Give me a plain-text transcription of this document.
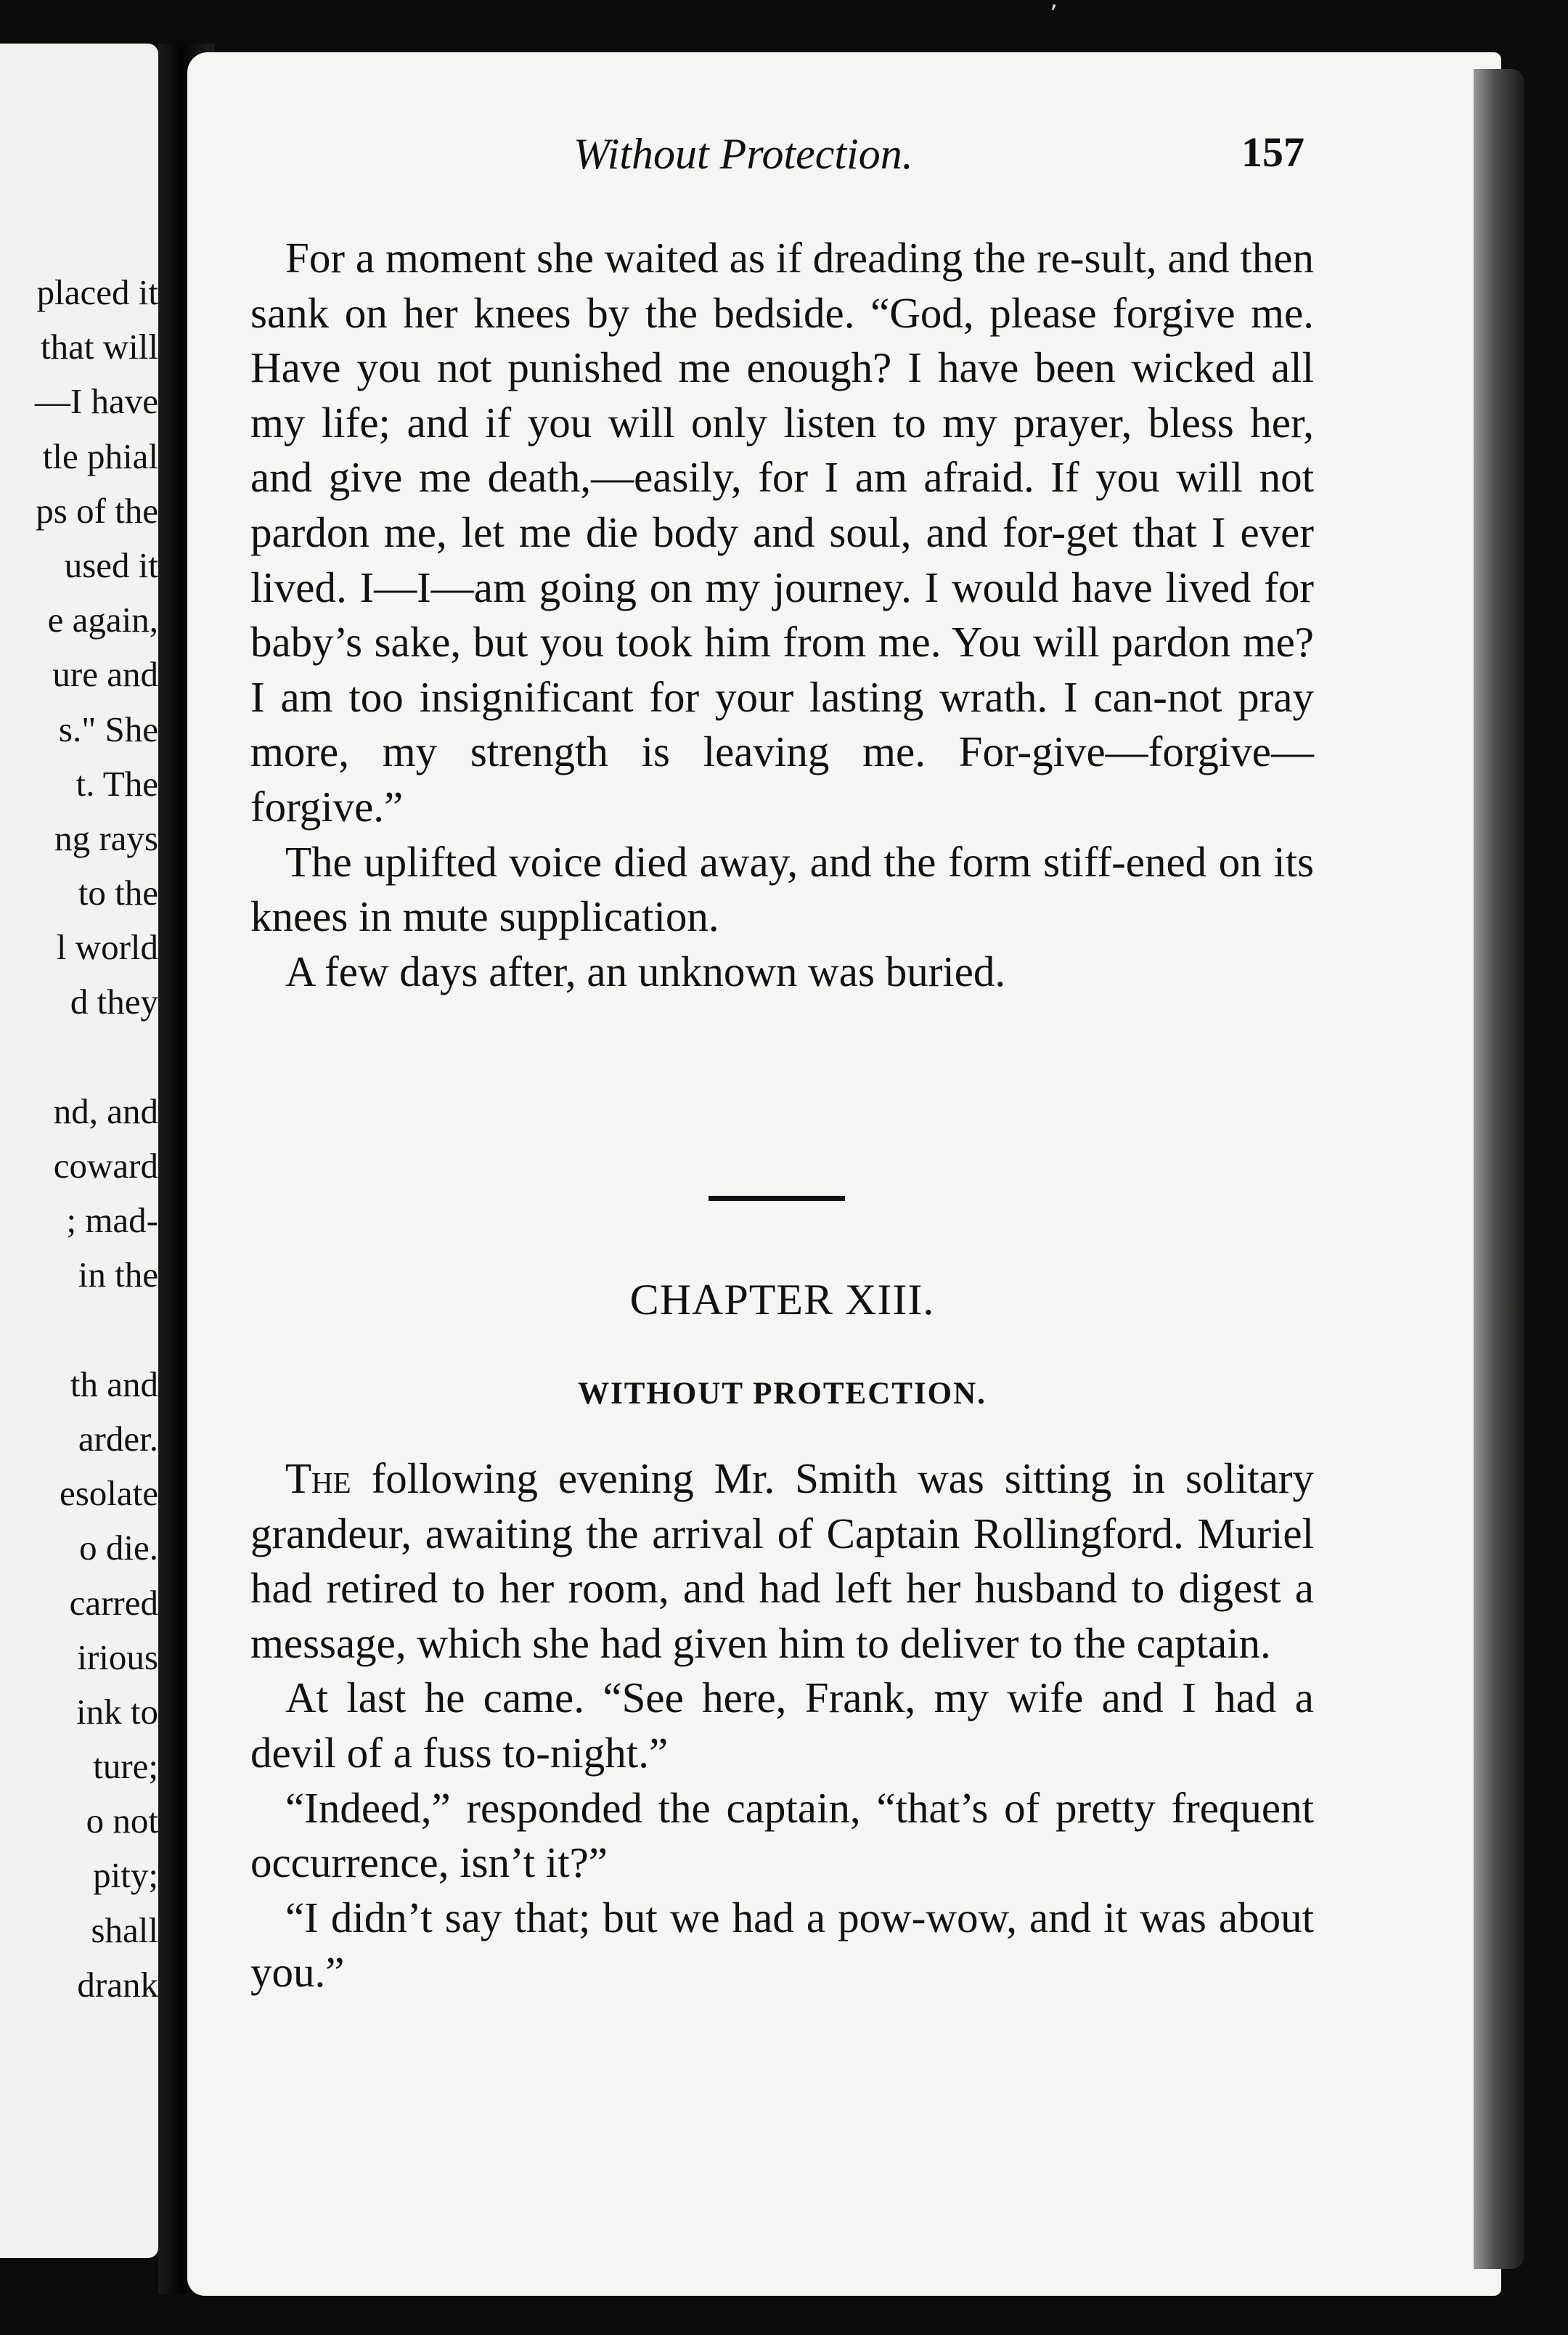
ʼ
placed it
that will
—I have
tle phial
ps of the
used it
e again,
ure and
s." She
t. The
ng rays
to the
l world
d they
nd, and
coward
; mad-
in the
th and
arder.
esolate
o die.
carred
irious
ink to
ture;
o not
pity;
shall
drank
Without Protection.	157

For a moment she waited as if dreading the re-sult, and then sank on her knees by the bedside. “God, please forgive me. Have you not punished me enough? I have been wicked all my life; and if you will only listen to my prayer, bless her, and give me death,—easily, for I am afraid. If you will not pardon me, let me die body and soul, and for-get that I ever lived. I—I—am going on my journey. I would have lived for baby’s sake, but you took him from me. You will pardon me? I am too insignificant for your lasting wrath. I can-not pray more, my strength is leaving me. For-give—forgive—forgive.”

The uplifted voice died away, and the form stiff-ened on its knees in mute supplication.

A few days after, an unknown was buried.

CHAPTER XIII.
WITHOUT PROTECTION.

The following evening Mr. Smith was sitting in solitary grandeur, awaiting the arrival of Captain Rollingford. Muriel had retired to her room, and had left her husband to digest a message, which she had given him to deliver to the captain.

At last he came. “See here, Frank, my wife and I had a devil of a fuss to-night.”

“Indeed,” responded the captain, “that’s of pretty frequent occurrence, isn’t it?”

“I didn’t say that; but we had a pow-wow, and it was about you.”
